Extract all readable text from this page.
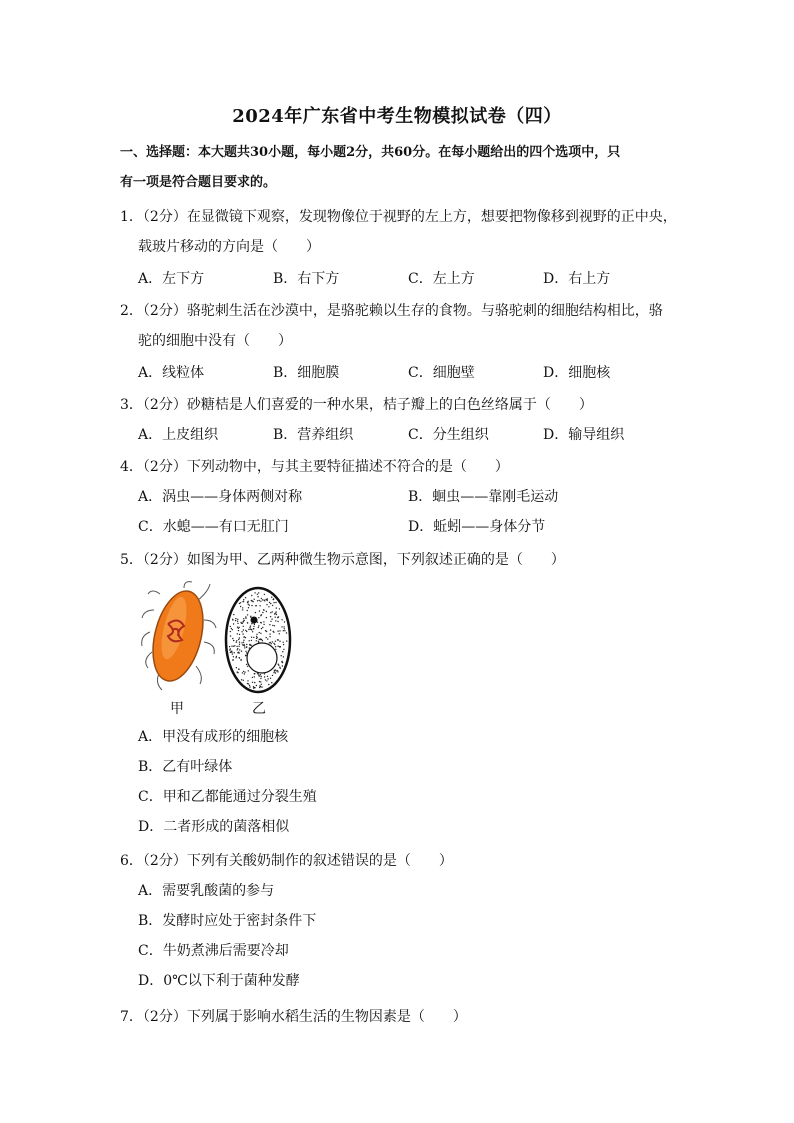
2024年广东省中考生物模拟试卷（四）
一、选择题：本大题共30小题，每小题2分，共60分。在每小题给出的四个选项中，只
有一项是符合题目要求的。
1．（2分）在显微镜下观察，发现物像位于视野的左上方，想要把物像移到视野的正中央，
载玻片移动的方向是（　　）
A．左下方	B．右下方	C．左上方	D．右上方
2．（2分）骆驼刺生活在沙漠中，是骆驼赖以生存的食物。与骆驼刺的细胞结构相比，骆
驼的细胞中没有（　　）
A．线粒体	B．细胞膜	C．细胞壁	D．细胞核
3．（2分）砂糖桔是人们喜爱的一种水果，桔子瓣上的白色丝络属于（　　）
A．上皮组织	B．营养组织	C．分生组织	D．输导组织
4．（2分）下列动物中，与其主要特征描述不符合的是（　　）
A．涡虫——身体两侧对称	B．蛔虫——靠刚毛运动
C．水螅——有口无肛门	D．蚯蚓——身体分节
5．（2分）如图为甲、乙两种微生物示意图，下列叙述正确的是（　　）
甲	乙
A．甲没有成形的细胞核
B．乙有叶绿体
C．甲和乙都能通过分裂生殖
D．二者形成的菌落相似
6．（2分）下列有关酸奶制作的叙述错误的是（　　）
A．需要乳酸菌的参与
B．发酵时应处于密封条件下
C．牛奶煮沸后需要冷却
D．0℃以下利于菌种发酵
7．（2分）下列属于影响水稻生活的生物因素是（　　）
